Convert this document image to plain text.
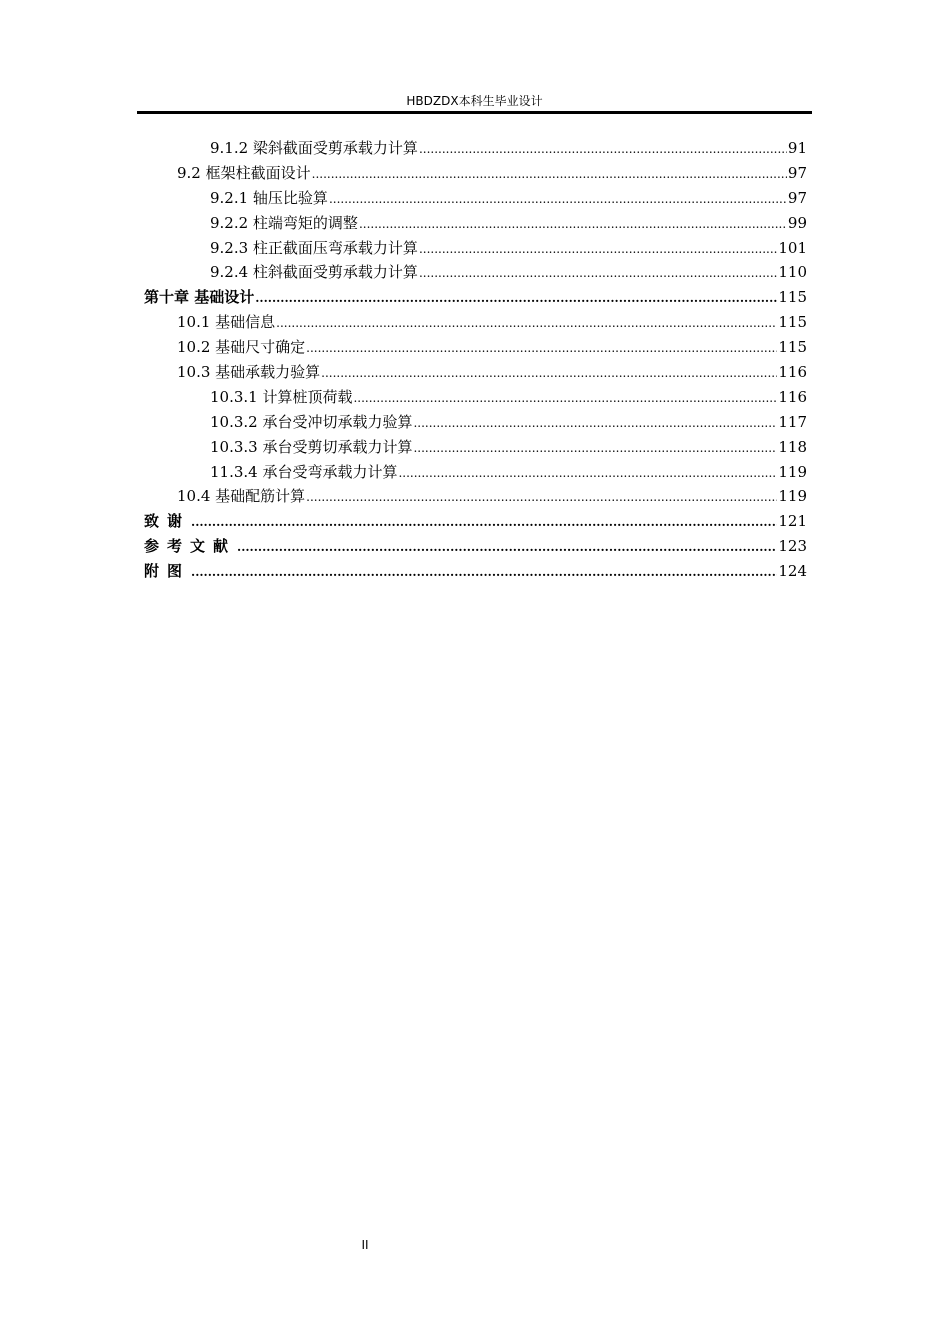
HBDZDX本科生毕业设计
9.1.2 梁斜截面受剪承载力计算 .....	91
9.2 框架柱截面设计 .....	97
9.2.1 轴压比验算 .....	97
9.2.2 柱端弯矩的调整 .....	99
9.2.3 柱正截面压弯承载力计算 .....	101
9.2.4 柱斜截面受剪承载力计算 .....	110
第十章 基础设计 .....	115
10.1 基础信息 .....	115
10.2 基础尺寸确定 .....	115
10.3 基础承载力验算 .....	116
10.3.1 计算桩顶荷载 .....	116
10.3.2 承台受冲切承载力验算 .....	117
10.3.3 承台受剪切承载力计算 .....	118
11.3.4 承台受弯承载力计算 .....	119
10.4 基础配筋计算 .....	119
致谢 .....	121
参考文献 .....	123
附图 .....	124
II
